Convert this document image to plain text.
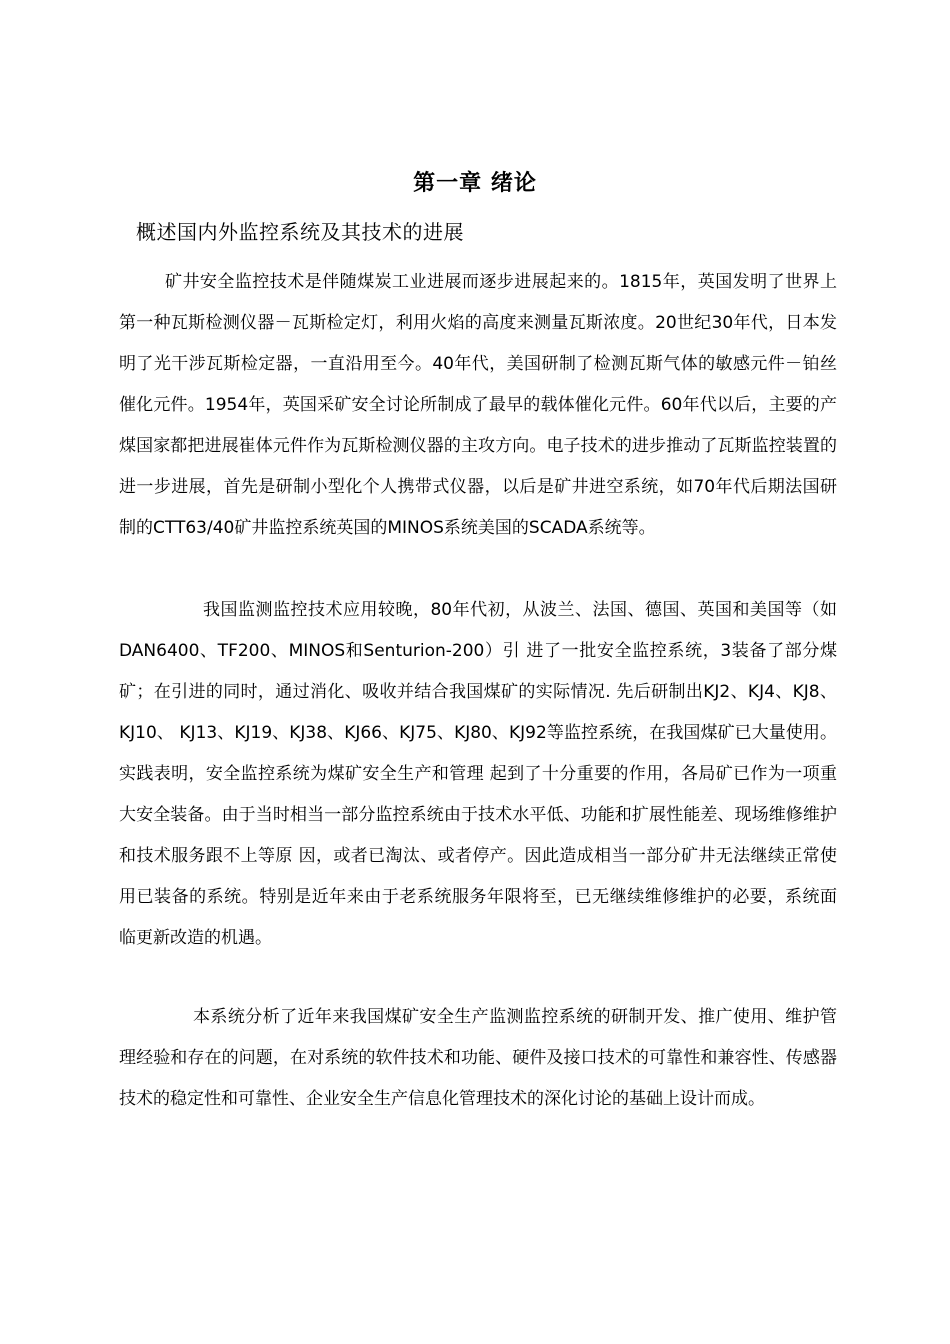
第一章 绪论
概述国内外监控系统及其技术的进展

矿井安全监控技术是伴随煤炭工业进展而逐步进展起来的。1815年，英国发明了世界上第一种瓦斯检测仪器－瓦斯检定灯，利用火焰的高度来测量瓦斯浓度。20世纪30年代，日本发明了光干涉瓦斯检定器，一直沿用至今。40年代，美国研制了检测瓦斯气体的敏感元件－铂丝催化元件。1954年，英国采矿安全讨论所制成了最早的载体催化元件。60年代以后，主要的产煤国家都把进展崔体元件作为瓦斯检测仪器的主攻方向。电子技术的进步推动了瓦斯监控装置的进一步进展，首先是研制小型化个人携带式仪器，以后是矿井进空系统，如70年代后期法国研制的CTT63/40矿井监控系统英国的MINOS系统美国的SCADA系统等。

我国监测监控技术应用较晚，80年代初，从波兰、法国、德国、英国和美国等（如DAN6400、TF200、MINOS和Senturion-200）引 进了一批安全监控系统，3装备了部分煤矿；在引进的同时，通过消化、吸收并结合我国煤矿的实际情况. 先后研制出KJ2、KJ4、KJ8、KJ10、 KJ13、KJ19、KJ38、KJ66、KJ75、KJ80、KJ92等监控系统，在我国煤矿已大量使用。实践表明，安全监控系统为煤矿安全生产和管理 起到了十分重要的作用，各局矿已作为一项重大安全装备。由于当时相当一部分监控系统由于技术水平低、功能和扩展性能差、现场维修维护和技术服务跟不上等原 因，或者已淘汰、或者停产。因此造成相当一部分矿井无法继续正常使用已装备的系统。特别是近年来由于老系统服务年限将至，已无继续维修维护的必要，系统面 临更新改造的机遇。

本系统分析了近年来我国煤矿安全生产监测监控系统的研制开发、推广使用、维护管理经验和存在的问题，在对系统的软件技术和功能、硬件及接口技术的可靠性和兼容性、传感器技术的稳定性和可靠性、企业安全生产信息化管理技术的深化讨论的基础上设计而成。
